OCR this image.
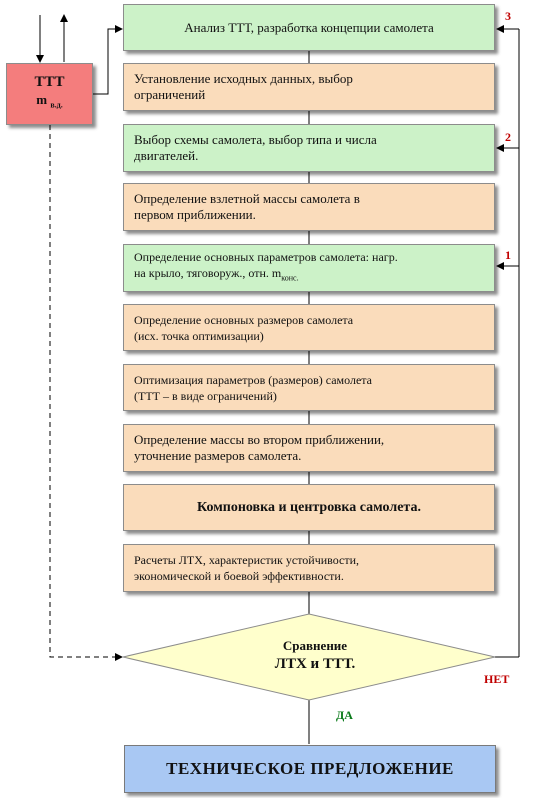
ТТТ
m $_{в.д.}$
Анализ ТТТ, разработка концепции самолета
Установление исходных данных, выбор
ограничений
Выбор схемы самолета, выбор типа и числа
двигателей.
Определение взлетной массы самолета в
первом приближении.
Определение основных параметров самолета: нагр.
на крыло, тяговоруж., отн. $m_{конс.}$
Определение основных размеров самолета
(исх. точка оптимизации)
Оптимизация параметров (размеров) самолета
(ТТТ – в виде ограничений)
Определение массы во втором приближении,
уточнение размеров самолета.
Компоновка и центровка самолета.
Расчеты ЛТХ, характеристик устойчивости,
экономической и боевой эффективности.
Сравнение
ЛТХ и ТТТ.
3
2
1
НЕТ
ДА
ТЕХНИЧЕСКОЕ ПРЕДЛОЖЕНИЕ
